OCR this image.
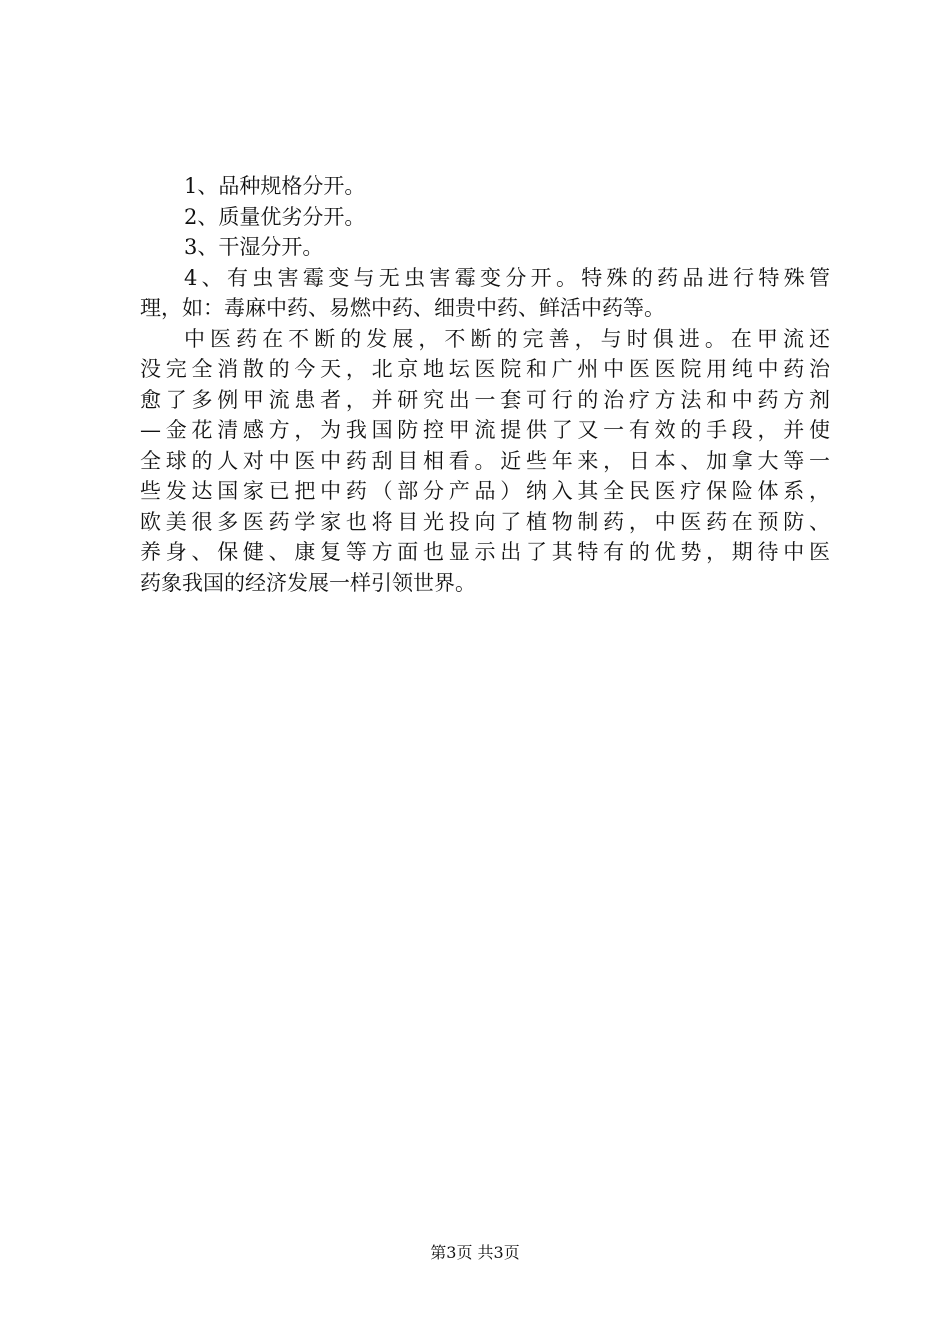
1、品种规格分开。
2、质量优劣分开。
3、干湿分开。
4、有虫害霉变与无虫害霉变分开。特殊的药品进行特殊管
理，如：毒麻中药、易燃中药、细贵中药、鲜活中药等。
中医药在不断的发展，不断的完善，与时俱进。在甲流还
没完全消散的今天，北京地坛医院和广州中医医院用纯中药治
愈了多例甲流患者，并研究出一套可行的治疗方法和中药方剂
—金花清感方，为我国防控甲流提供了又一有效的手段，并使
全球的人对中医中药刮目相看。近些年来，日本、加拿大等一
些发达国家已把中药（部分产品）纳入其全民医疗保险体系，
欧美很多医药学家也将目光投向了植物制药，中医药在预防、
养身、保健、康复等方面也显示出了其特有的优势，期待中医
药象我国的经济发展一样引领世界。
第3页 共3页
